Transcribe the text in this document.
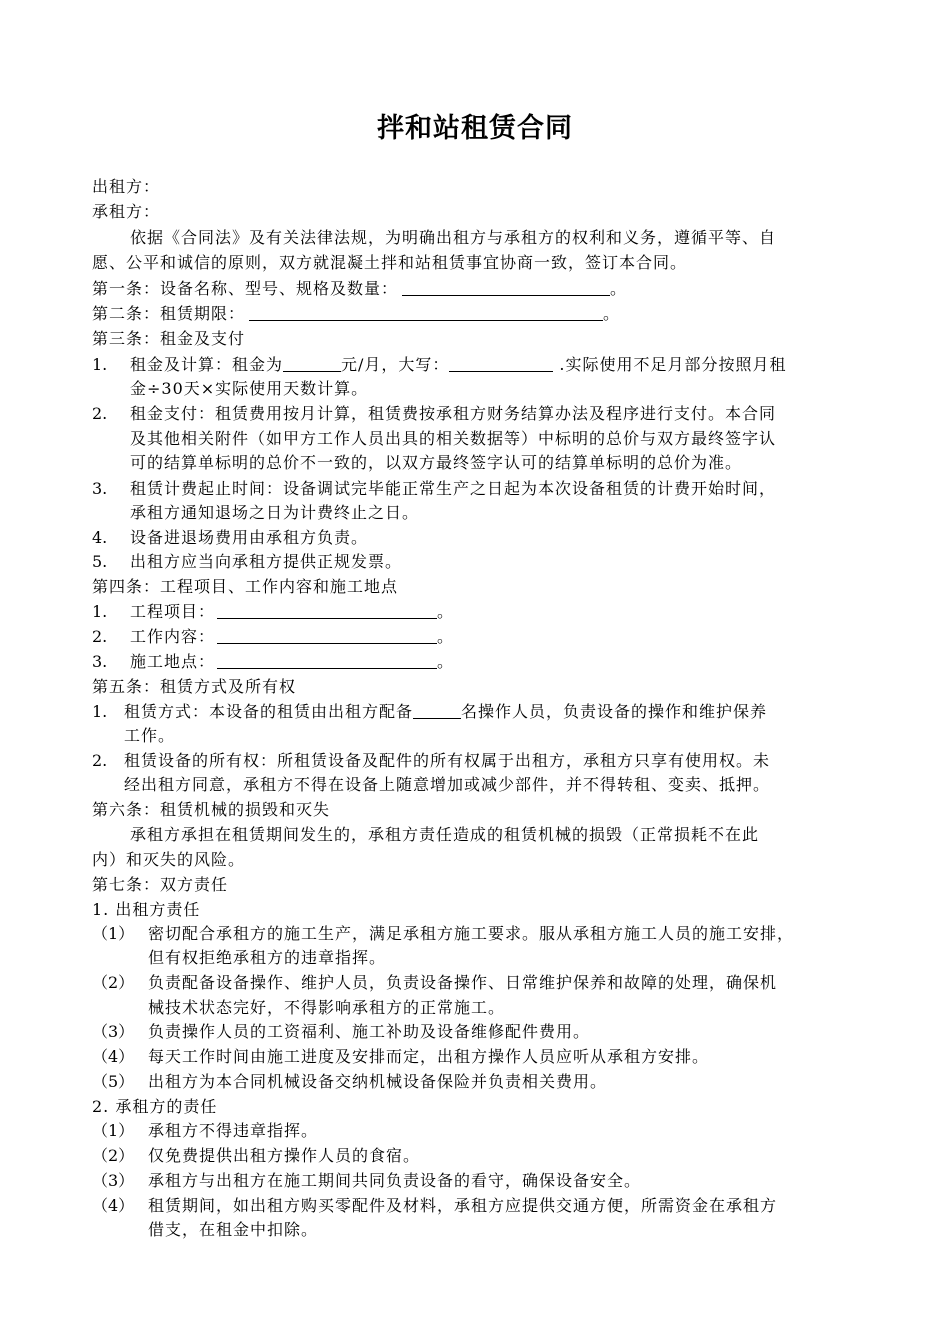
拌和站租赁合同
出租方：
承租方：
依据《合同法》及有关法律法规，为明确出租方与承租方的权利和义务，遵循平等、自
愿、公平和诚信的原则，双方就混凝土拌和站租赁事宜协商一致，签订本合同。
第一条：设备名称、型号、规格及数量：	。
第二条：租赁期限：	。
第三条：租金及支付
1. 租金及计算：租金为	元/月，大写：	.实际使用不足月部分按照月租
金÷30天×实际使用天数计算。
2. 租金支付：租赁费用按月计算，租赁费按承租方财务结算办法及程序进行支付。本合同
及其他相关附件（如甲方工作人员出具的相关数据等）中标明的总价与双方最终签字认
可的结算单标明的总价不一致的，以双方最终签字认可的结算单标明的总价为准。
3. 租赁计费起止时间：设备调试完毕能正常生产之日起为本次设备租赁的计费开始时间，
承租方通知退场之日为计费终止之日。
4. 设备进退场费用由承租方负责。
5. 出租方应当向承租方提供正规发票。
第四条：工程项目、工作内容和施工地点
1. 工程项目：	。
2. 工作内容：	。
3. 施工地点：	。
第五条：租赁方式及所有权
1. 租赁方式：本设备的租赁由出租方配备	名操作人员，负责设备的操作和维护保养
工作。
2. 租赁设备的所有权：所租赁设备及配件的所有权属于出租方，承租方只享有使用权。未
经出租方同意，承租方不得在设备上随意增加或减少部件，并不得转租、变卖、抵押。
第六条：租赁机械的损毁和灭失
承租方承担在租赁期间发生的，承租方责任造成的租赁机械的损毁（正常损耗不在此
内）和灭失的风险。
第七条：双方责任
1. 出租方责任
（1） 密切配合承租方的施工生产，满足承租方施工要求。服从承租方施工人员的施工安排，
但有权拒绝承租方的违章指挥。
（2） 负责配备设备操作、维护人员，负责设备操作、日常维护保养和故障的处理，确保机
械技术状态完好，不得影响承租方的正常施工。
（3） 负责操作人员的工资福利、施工补助及设备维修配件费用。
（4） 每天工作时间由施工进度及安排而定，出租方操作人员应听从承租方安排。
（5） 出租方为本合同机械设备交纳机械设备保险并负责相关费用。
2. 承租方的责任
（1） 承租方不得违章指挥。
（2） 仅免费提供出租方操作人员的食宿。
（3） 承租方与出租方在施工期间共同负责设备的看守，确保设备安全。
（4） 租赁期间，如出租方购买零配件及材料，承租方应提供交通方便，所需资金在承租方
借支，在租金中扣除。
